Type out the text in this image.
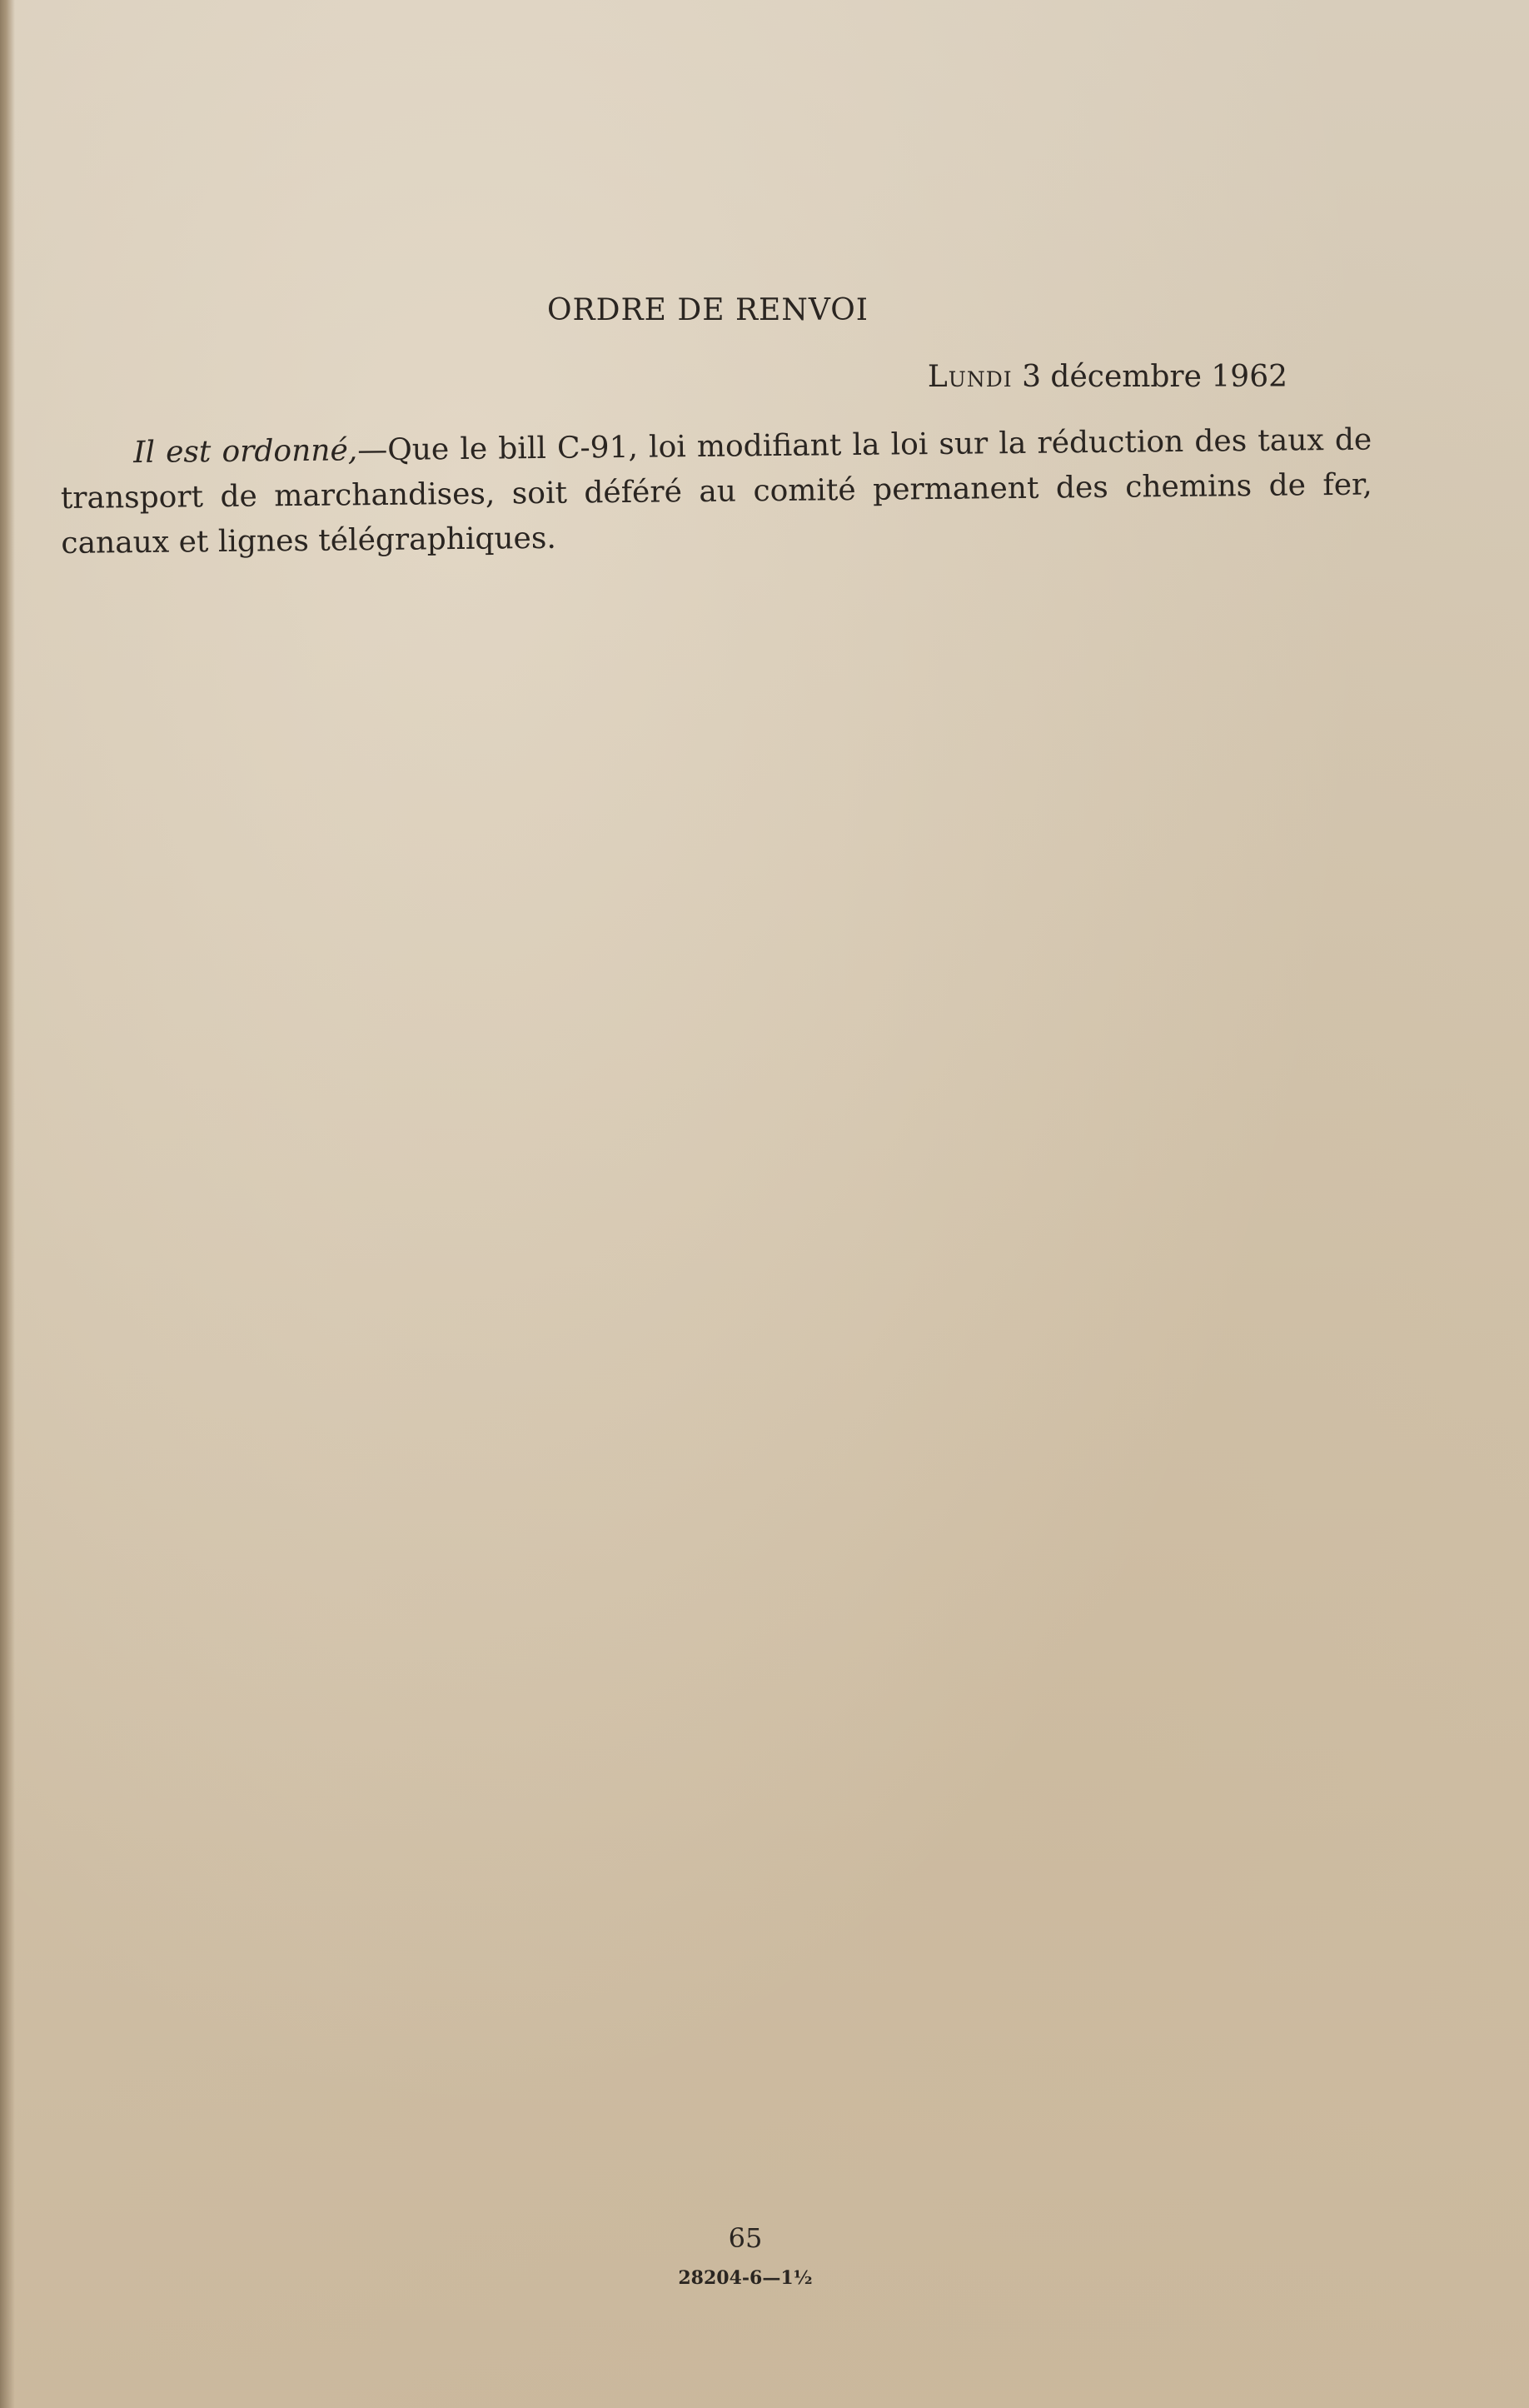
ORDRE DE RENVOI
Lundi 3 décembre 1962

Il est ordonné,—Que le bill C-91, loi modifiant la loi sur la réduction des taux de transport de marchandises, soit déféré au comité permanent des chemins de fer, canaux et lignes télégraphiques.

65
28204-6—1½
